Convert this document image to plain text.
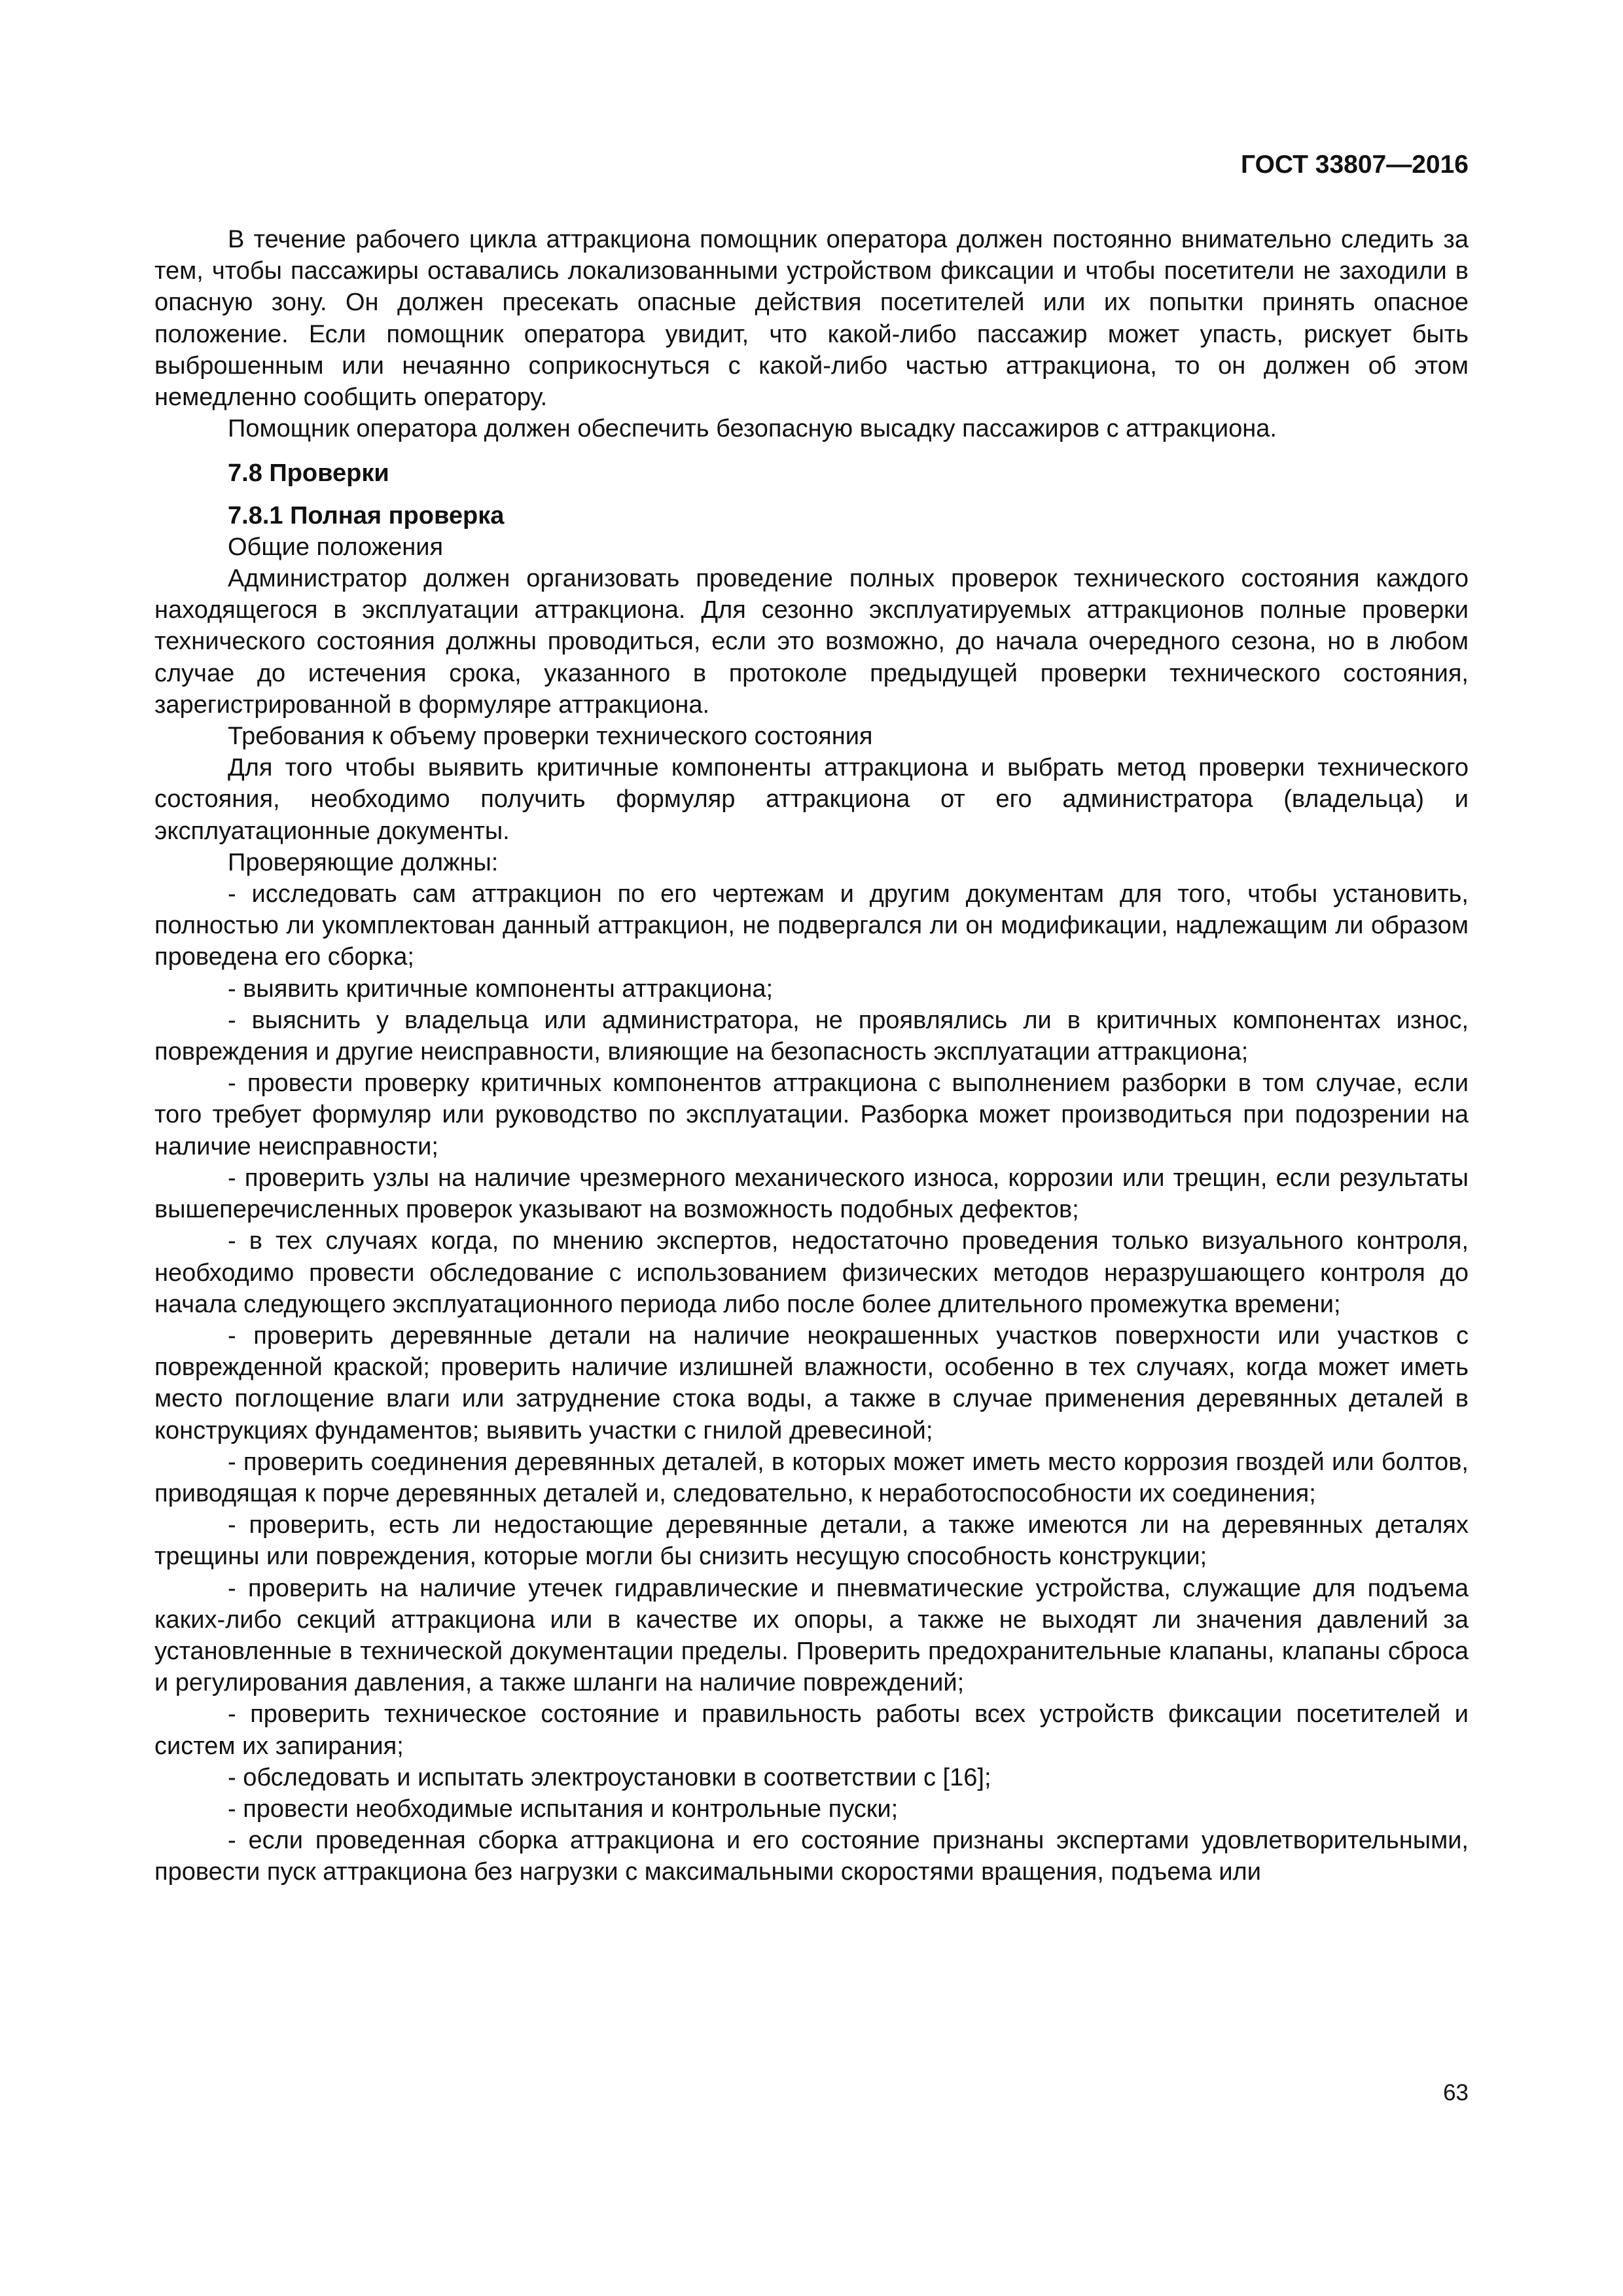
ГОСТ 33807—2016

В течение рабочего цикла аттракциона помощник оператора должен постоянно внимательно следить за тем, чтобы пассажиры оставались локализованными устройством фиксации и чтобы посетители не заходили в опасную зону. Он должен пресекать опасные действия посетителей или их попытки принять опасное положение. Если помощник оператора увидит, что какой-либо пассажир может упасть, рискует быть выброшенным или нечаянно соприкоснуться с какой-либо частью аттракциона, то он должен об этом немедленно сообщить оператору.

Помощник оператора должен обеспечить безопасную высадку пассажиров с аттракциона.

7.8 Проверки

7.8.1 Полная проверка

Общие положения

Администратор должен организовать проведение полных проверок технического состояния каждого находящегося в эксплуатации аттракциона. Для сезонно эксплуатируемых аттракционов полные проверки технического состояния должны проводиться, если это возможно, до начала очередного сезона, но в любом случае до истечения срока, указанного в протоколе предыдущей проверки технического состояния, зарегистрированной в формуляре аттракциона.

Требования к объему проверки технического состояния

Для того чтобы выявить критичные компоненты аттракциона и выбрать метод проверки технического состояния, необходимо получить формуляр аттракциона от его администратора (владельца) и эксплуатационные документы.

Проверяющие должны:

- исследовать сам аттракцион по его чертежам и другим документам для того, чтобы установить, полностью ли укомплектован данный аттракцион, не подвергался ли он модификации, надлежащим ли образом проведена его сборка;

- выявить критичные компоненты аттракциона;

- выяснить у владельца или администратора, не проявлялись ли в критичных компонентах износ, повреждения и другие неисправности, влияющие на безопасность эксплуатации аттракциона;

- провести проверку критичных компонентов аттракциона с выполнением разборки в том случае, если того требует формуляр или руководство по эксплуатации. Разборка может производиться при подозрении на наличие неисправности;

- проверить узлы на наличие чрезмерного механического износа, коррозии или трещин, если результаты вышеперечисленных проверок указывают на возможность подобных дефектов;

- в тех случаях когда, по мнению экспертов, недостаточно проведения только визуального контроля, необходимо провести обследование с использованием физических методов неразрушающего контроля до начала следующего эксплуатационного периода либо после более длительного промежутка времени;

- проверить деревянные детали на наличие неокрашенных участков поверхности или участков с поврежденной краской; проверить наличие излишней влажности, особенно в тех случаях, когда может иметь место поглощение влаги или затруднение стока воды, а также в случае применения деревянных деталей в конструкциях фундаментов; выявить участки с гнилой древесиной;

- проверить соединения деревянных деталей, в которых может иметь место коррозия гвоздей или болтов, приводящая к порче деревянных деталей и, следовательно, к неработоспособности их соединения;

- проверить, есть ли недостающие деревянные детали, а также имеются ли на деревянных деталях трещины или повреждения, которые могли бы снизить несущую способность конструкции;

- проверить на наличие утечек гидравлические и пневматические устройства, служащие для подъема каких-либо секций аттракциона или в качестве их опоры, а также не выходят ли значения давлений за установленные в технической документации пределы. Проверить предохранительные клапаны, клапаны сброса и регулирования давления, а также шланги на наличие повреждений;

- проверить техническое состояние и правильность работы всех устройств фиксации посетителей и систем их запирания;

- обследовать и испытать электроустановки в соответствии с [16];

- провести необходимые испытания и контрольные пуски;

- если проведенная сборка аттракциона и его состояние признаны экспертами удовлетворительными, провести пуск аттракциона без нагрузки с максимальными скоростями вращения, подъема или

63
